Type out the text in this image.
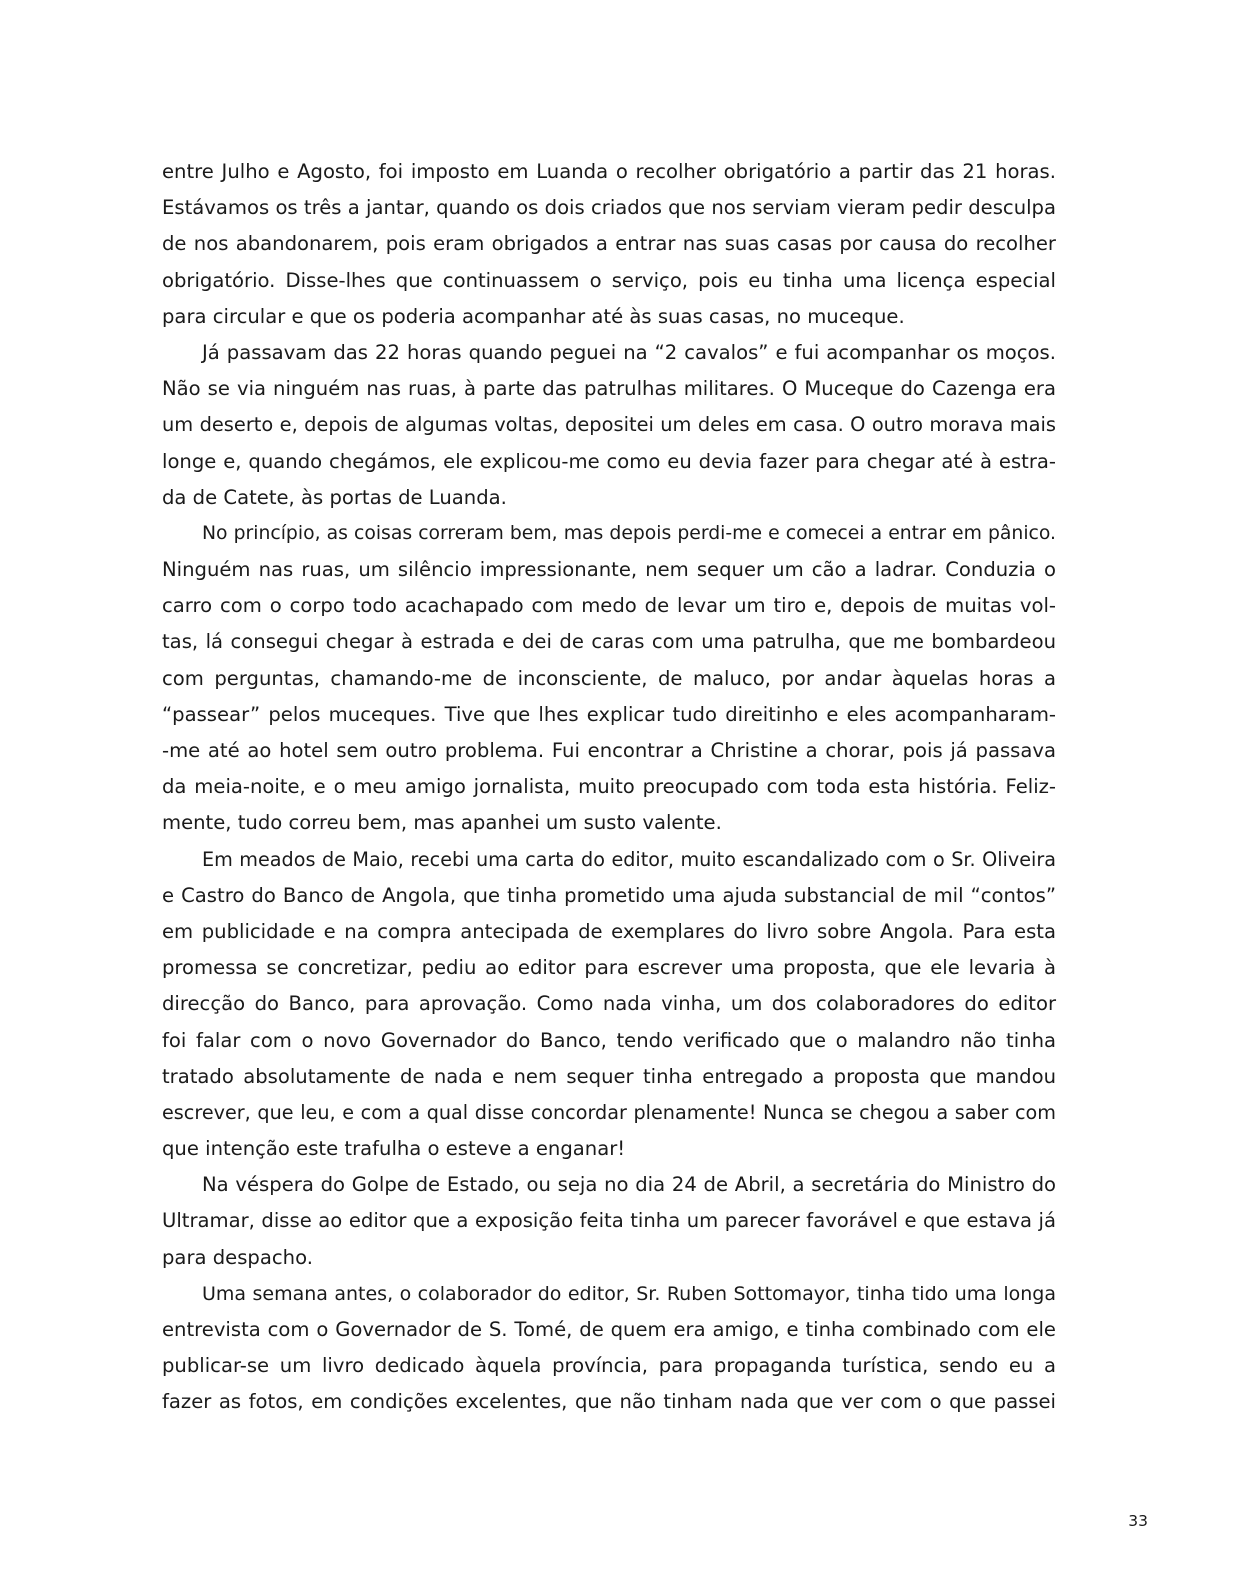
entre Julho e Agosto, foi imposto em Luanda o recolher obrigatório a partir das 21 horas.
Estávamos os três a jantar, quando os dois criados que nos serviam vieram pedir desculpa
de nos abandonarem, pois eram obrigados a entrar nas suas casas por causa do recolher
obrigatório. Disse-lhes que continuassem o serviço, pois eu tinha uma licença especial
para circular e que os poderia acompanhar até às suas casas, no muceque.
Já passavam das 22 horas quando peguei na “2 cavalos” e fui acompanhar os moços.
Não se via ninguém nas ruas, à parte das patrulhas militares. O Muceque do Cazenga era
um deserto e, depois de algumas voltas, depositei um deles em casa. O outro morava mais
longe e, quando chegámos, ele explicou-me como eu devia fazer para chegar até à estra-
da de Catete, às portas de Luanda.
No princípio, as coisas correram bem, mas depois perdi-me e comecei a entrar em pânico.
Ninguém nas ruas, um silêncio impressionante, nem sequer um cão a ladrar. Conduzia o
carro com o corpo todo acachapado com medo de levar um tiro e, depois de muitas vol-
tas, lá consegui chegar à estrada e dei de caras com uma patrulha, que me bombardeou
com perguntas, chamando-me de inconsciente, de maluco, por andar àquelas horas a
“passear” pelos muceques. Tive que lhes explicar tudo direitinho e eles acompanharam-
-me até ao hotel sem outro problema. Fui encontrar a Christine a chorar, pois já passava
da meia-noite, e o meu amigo jornalista, muito preocupado com toda esta história. Feliz-
mente, tudo correu bem, mas apanhei um susto valente.
Em meados de Maio, recebi uma carta do editor, muito escandalizado com o Sr. Oliveira
e Castro do Banco de Angola, que tinha prometido uma ajuda substancial de mil “contos”
em publicidade e na compra antecipada de exemplares do livro sobre Angola. Para esta
promessa se concretizar, pediu ao editor para escrever uma proposta, que ele levaria à
direcção do Banco, para aprovação. Como nada vinha, um dos colaboradores do editor
foi falar com o novo Governador do Banco, tendo verificado que o malandro não tinha
tratado absolutamente de nada e nem sequer tinha entregado a proposta que mandou
escrever, que leu, e com a qual disse concordar plenamente! Nunca se chegou a saber com
que intenção este trafulha o esteve a enganar!
Na véspera do Golpe de Estado, ou seja no dia 24 de Abril, a secretária do Ministro do
Ultramar, disse ao editor que a exposição feita tinha um parecer favorável e que estava já
para despacho.
Uma semana antes, o colaborador do editor, Sr. Ruben Sottomayor, tinha tido uma longa
entrevista com o Governador de S. Tomé, de quem era amigo, e tinha combinado com ele
publicar-se um livro dedicado àquela província, para propaganda turística, sendo eu a
fazer as fotos, em condições excelentes, que não tinham nada que ver com o que passei
33
